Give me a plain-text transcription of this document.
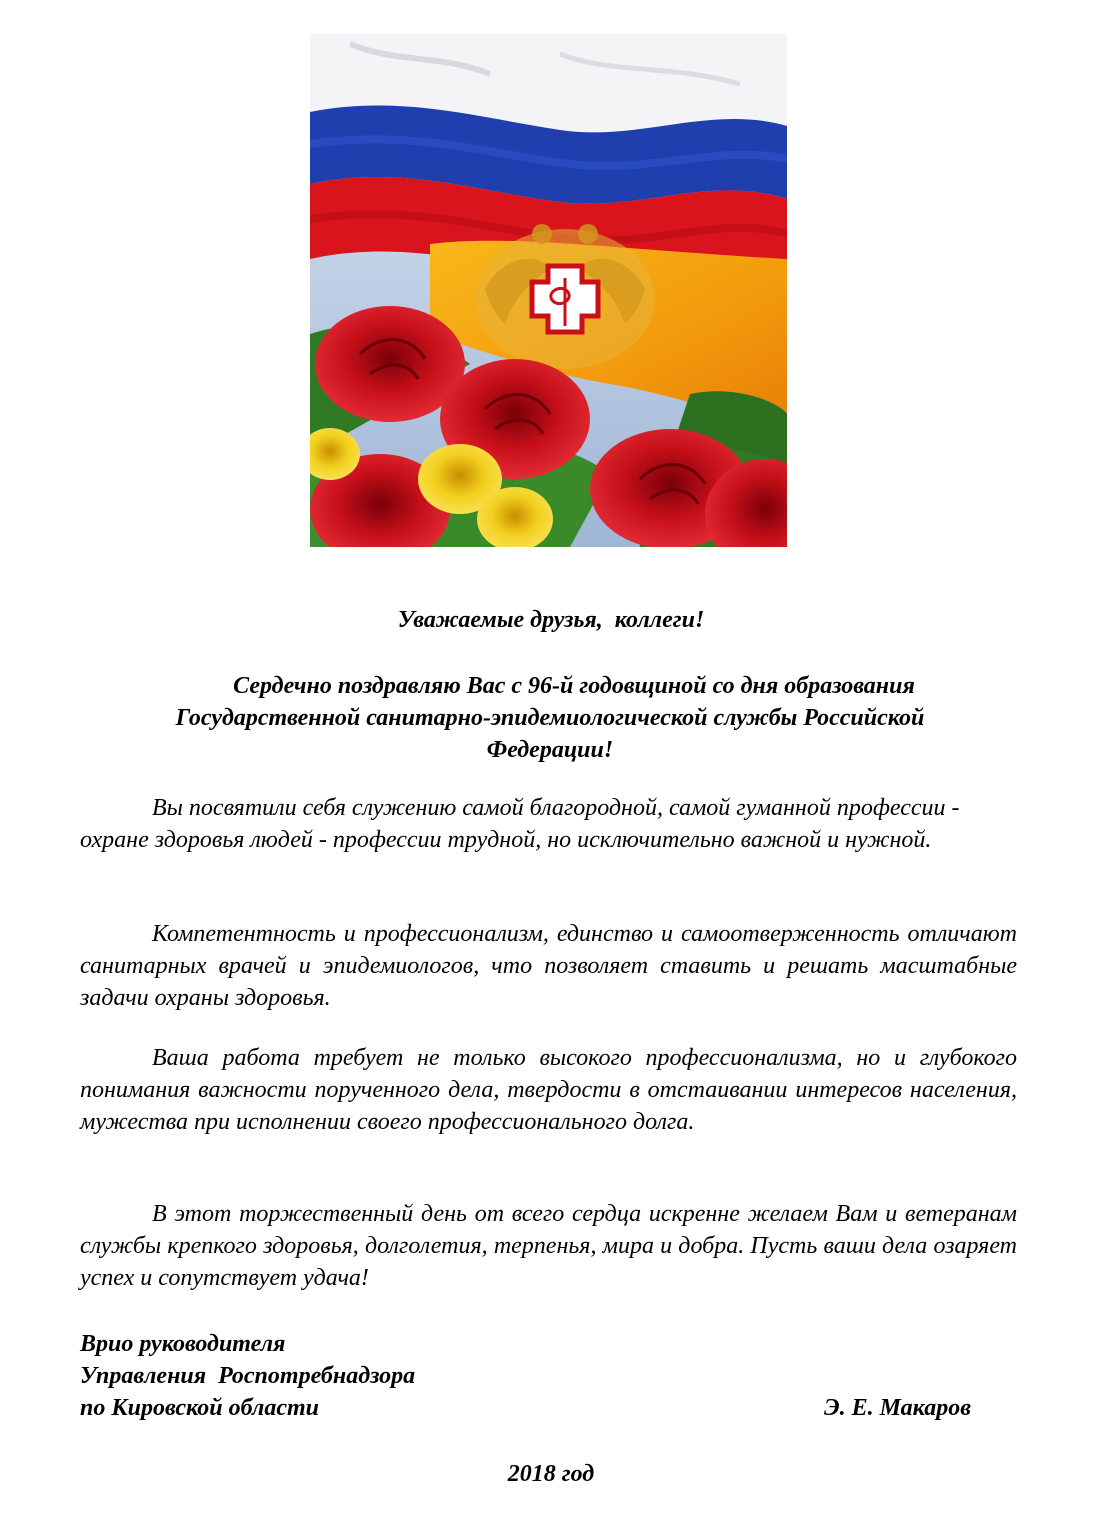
Уважаемые друзья,  коллеги!
Сердечно поздравляю Вас с 96-й годовщиной со дня образования
Государственной санитарно-эпидемиологической службы Российской
Федерации!
Вы посвятили себя служению самой благородной, самой гуманной профессии - охране здоровья людей - профессии трудной, но исключительно важной и нужной.
Компетентность и профессионализм, единство и самоотверженность отличают санитарных врачей и эпидемиологов, что позволяет ставить и решать масштабные задачи охраны здоровья.
Ваша работа требует не только высокого профессионализма, но и глубокого понимания важности порученного дела, твердости в отстаивании интересов населения, мужества при исполнении своего профессионального долга.
В этот торжественный день от всего сердца искренне желаем Вам и ветеранам службы крепкого здоровья, долголетия, терпенья, мира и добра. Пусть ваши дела озаряет успех и сопутствует удача!
Врио руководителя
Управления  Роспотребнадзора
по Кировской области	Э. Е. Макаров
2018 год
